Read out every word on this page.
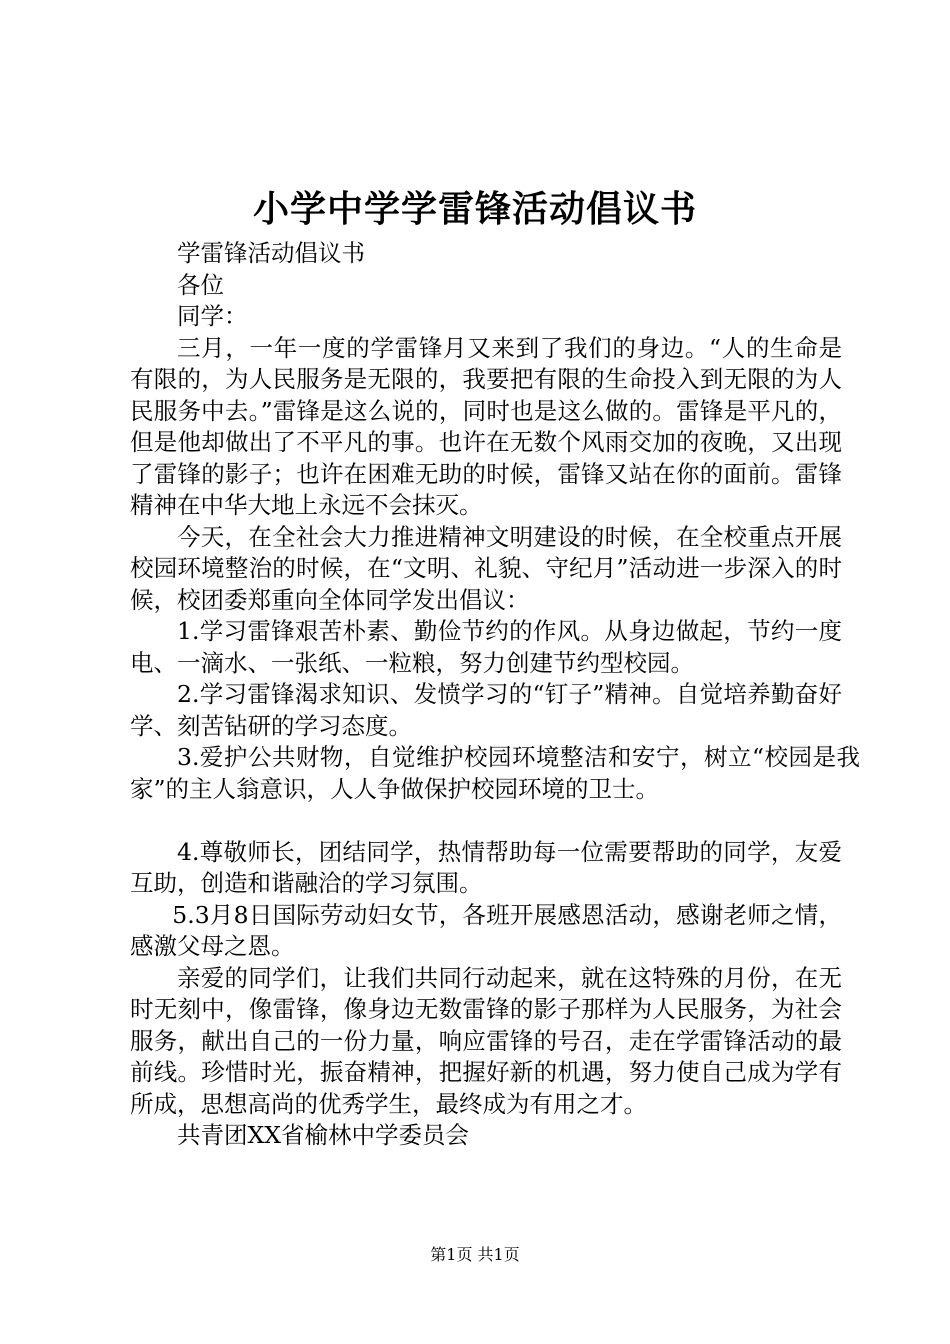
小学中学学雷锋活动倡议书

学雷锋活动倡议书

各位

同学：

三月，一年一度的学雷锋月又来到了我们的身边。“人的生命是有限的，为人民服务是无限的，我要把有限的生命投入到无限的为人民服务中去。”雷锋是这么说的，同时也是这么做的。雷锋是平凡的，但是他却做出了不平凡的事。也许在无数个风雨交加的夜晚，又出现了雷锋的影子；也许在困难无助的时候，雷锋又站在你的面前。雷锋精神在中华大地上永远不会抹灭。

今天，在全社会大力推进精神文明建设的时候，在全校重点开展校园环境整治的时候，在“文明、礼貌、守纪月”活动进一步深入的时候，校团委郑重向全体同学发出倡议：

1.学习雷锋艰苦朴素、勤俭节约的作风。从身边做起，节约一度电、一滴水、一张纸、一粒粮，努力创建节约型校园。

2.学习雷锋渴求知识、发愤学习的“钉子”精神。自觉培养勤奋好学、刻苦钻研的学习态度。

3.爱护公共财物，自觉维护校园环境整洁和安宁，树立“校园是我家”的主人翁意识，人人争做保护校园环境的卫士。

4.尊敬师长，团结同学，热情帮助每一位需要帮助的同学，友爱互助，创造和谐融洽的学习氛围。

5.3月8日国际劳动妇女节，各班开展感恩活动，感谢老师之情，感激父母之恩。

亲爱的同学们，让我们共同行动起来，就在这特殊的月份，在无时无刻中，像雷锋，像身边无数雷锋的影子那样为人民服务，为社会服务，献出自己的一份力量，响应雷锋的号召，走在学雷锋活动的最前线。珍惜时光，振奋精神，把握好新的机遇，努力使自己成为学有所成，思想高尚的优秀学生，最终成为有用之才。

共青团XX省榆林中学委员会

第1页 共1页
